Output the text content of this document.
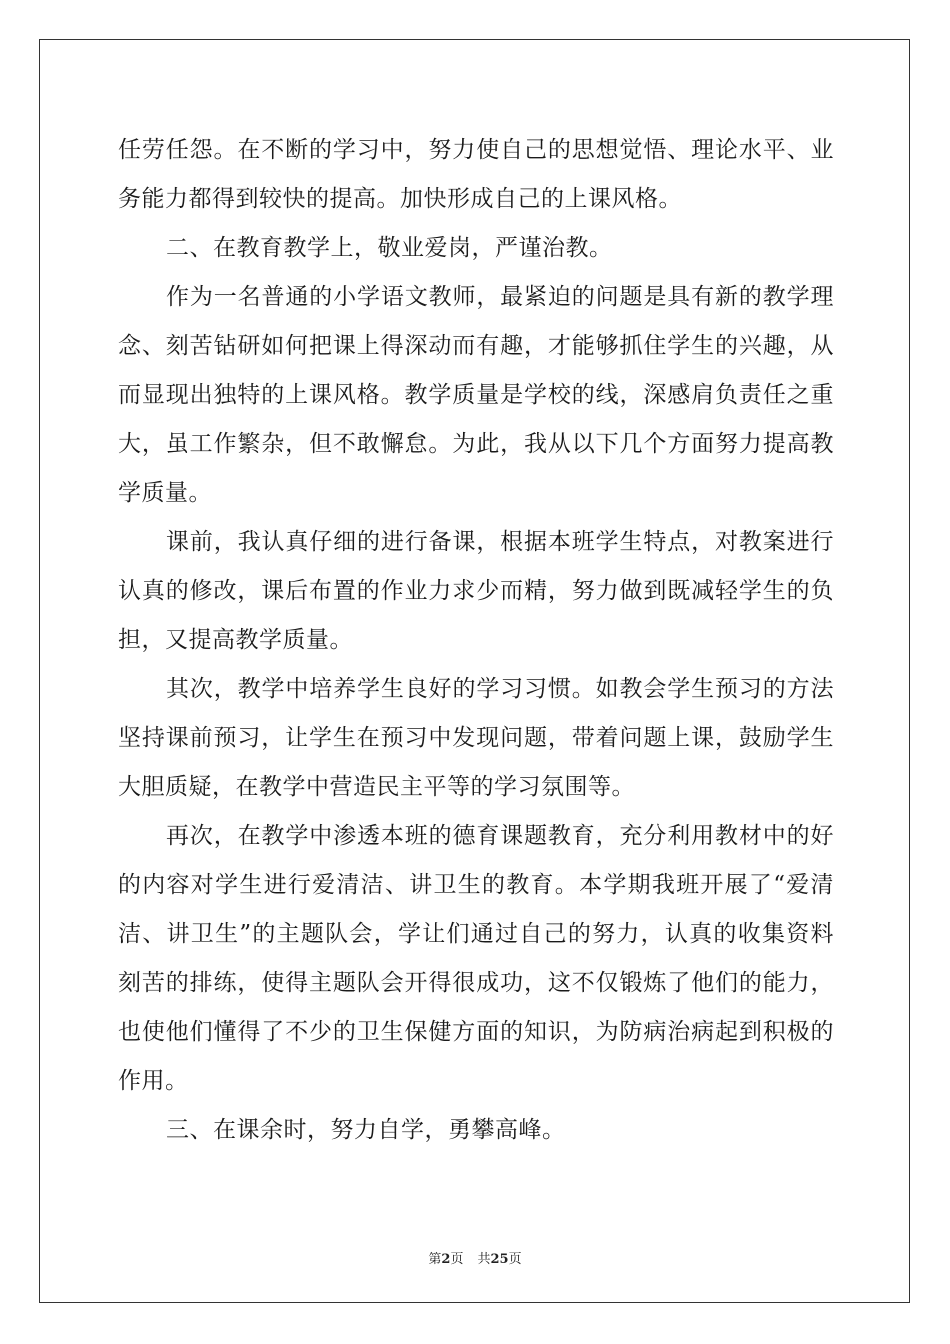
任劳任怨。在不断的学习中，努力使自己的思想觉悟、理论水平、业
务能力都得到较快的提高。加快形成自己的上课风格。
二、在教育教学上，敬业爱岗，严谨治教。
作为一名普通的小学语文教师，最紧迫的问题是具有新的教学理
念、刻苦钻研如何把课上得深动而有趣，才能够抓住学生的兴趣，从
而显现出独特的上课风格。教学质量是学校的线，深感肩负责任之重
大，虽工作繁杂，但不敢懈怠。为此，我从以下几个方面努力提高教
学质量。
课前，我认真仔细的进行备课，根据本班学生特点，对教案进行
认真的修改，课后布置的作业力求少而精，努力做到既减轻学生的负
担，又提高教学质量。
其次，教学中培养学生良好的学习习惯。如教会学生预习的方法
坚持课前预习，让学生在预习中发现问题，带着问题上课，鼓励学生
大胆质疑，在教学中营造民主平等的学习氛围等。
再次，在教学中渗透本班的德育课题教育，充分利用教材中的好
的内容对学生进行爱清洁、讲卫生的教育。本学期我班开展了“爱清
洁、讲卫生”的主题队会，学让们通过自己的努力，认真的收集资料
刻苦的排练，使得主题队会开得很成功，这不仅锻炼了他们的能力，
也使他们懂得了不少的卫生保健方面的知识，为防病治病起到积极的
作用。
三、在课余时，努力自学，勇攀高峰。
第2页 共25页
